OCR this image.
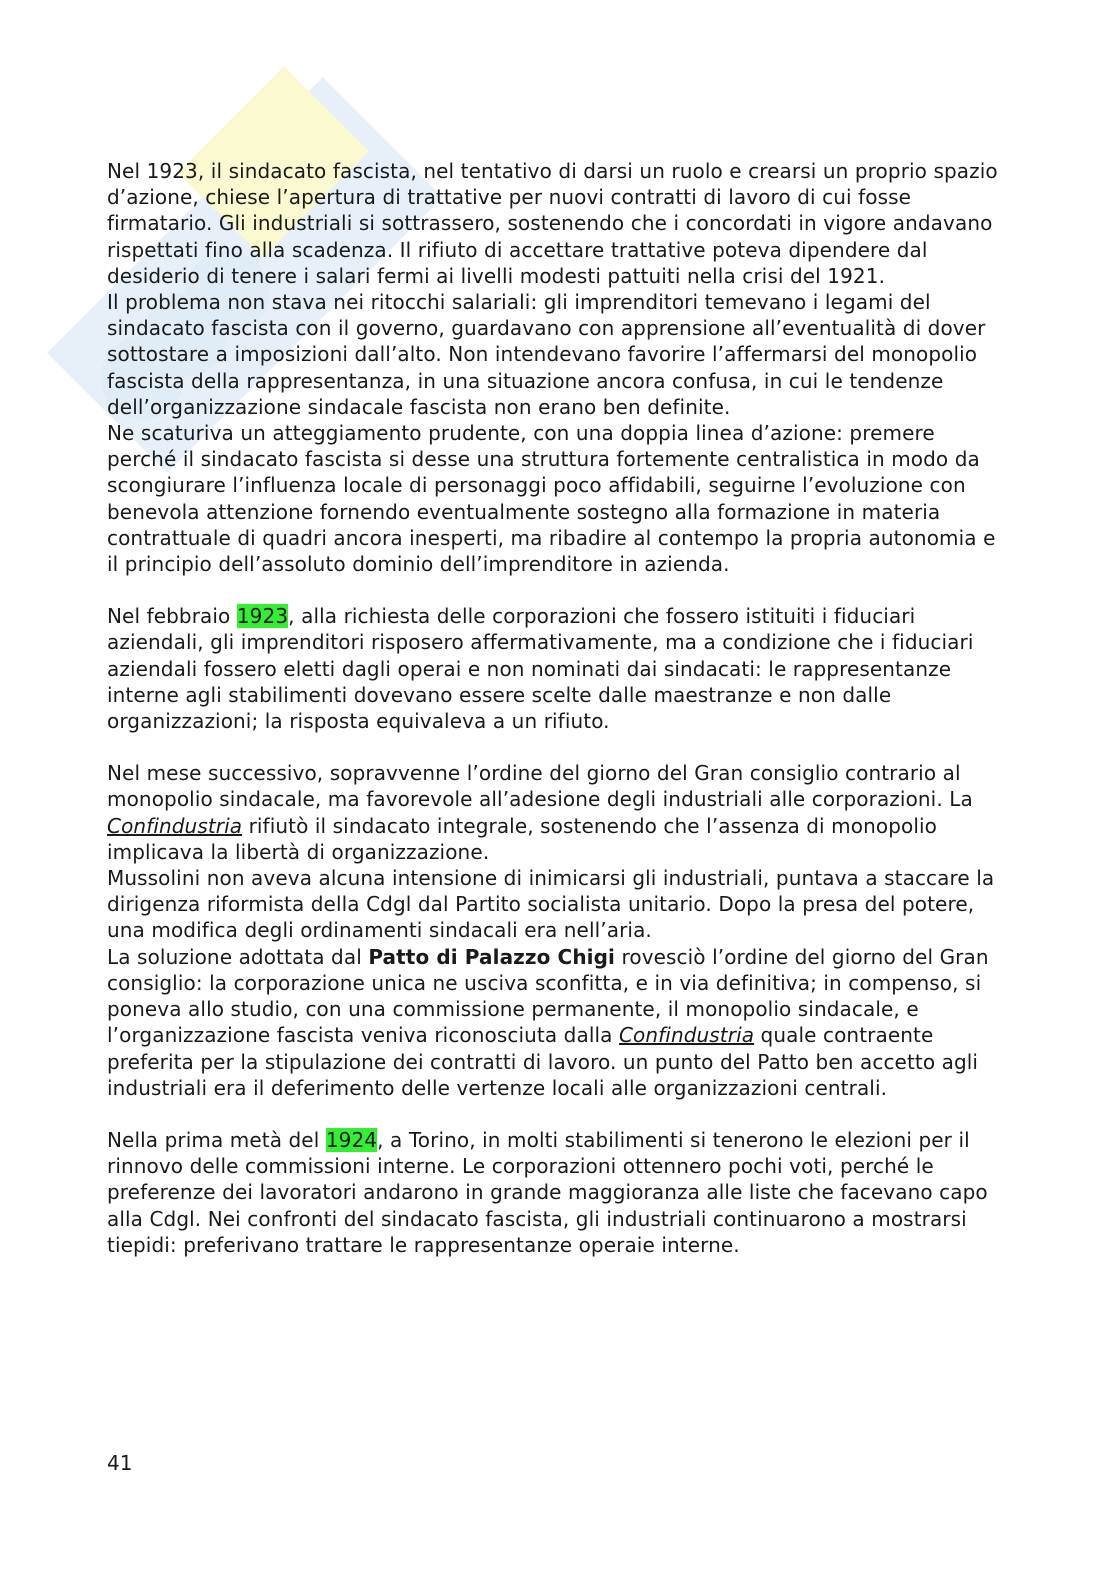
Nel 1923, il sindacato fascista, nel tentativo di darsi un ruolo e crearsi un proprio spazio d’azione, chiese l’apertura di trattative per nuovi contratti di lavoro di cui fosse firmatario. Gli industriali si sottrassero, sostenendo che i concordati in vigore andavano rispettati fino alla scadenza. Il rifiuto di accettare trattative poteva dipendere dal desiderio di tenere i salari fermi ai livelli modesti pattuiti nella crisi del 1921.

Il problema non stava nei ritocchi salariali: gli imprenditori temevano i legami del sindacato fascista con il governo, guardavano con apprensione all’eventualità di dover sottostare a imposizioni dall’alto. Non intendevano favorire l’affermarsi del monopolio fascista della rappresentanza, in una situazione ancora confusa, in cui le tendenze dell’organizzazione sindacale fascista non erano ben definite.

Ne scaturiva un atteggiamento prudente, con una doppia linea d’azione: premere perché il sindacato fascista si desse una struttura fortemente centralistica in modo da scongiurare l’influenza locale di personaggi poco affidabili, seguirne l’evoluzione con benevola attenzione fornendo eventualmente sostegno alla formazione in materia contrattuale di quadri ancora inesperti, ma ribadire al contempo la propria autonomia e il principio dell’assoluto dominio dell’imprenditore in azienda.

Nel febbraio 1923, alla richiesta delle corporazioni che fossero istituiti i fiduciari aziendali, gli imprenditori risposero affermativamente, ma a condizione che i fiduciari aziendali fossero eletti dagli operai e non nominati dai sindacati: le rappresentanze interne agli stabilimenti dovevano essere scelte dalle maestranze e non dalle organizzazioni; la risposta equivaleva a un rifiuto.

Nel mese successivo, sopravvenne l’ordine del giorno del Gran consiglio contrario al monopolio sindacale, ma favorevole all’adesione degli industriali alle corporazioni. La Confindustria rifiutò il sindacato integrale, sostenendo che l’assenza di monopolio implicava la libertà di organizzazione.

Mussolini non aveva alcuna intensione di inimicarsi gli industriali, puntava a staccare la dirigenza riformista della Cdgl dal Partito socialista unitario. Dopo la presa del potere, una modifica degli ordinamenti sindacali era nell’aria.

La soluzione adottata dal Patto di Palazzo Chigi rovesciò l’ordine del giorno del Gran consiglio: la corporazione unica ne usciva sconfitta, e in via definitiva; in compenso, si poneva allo studio, con una commissione permanente, il monopolio sindacale, e l’organizzazione fascista veniva riconosciuta dalla Confindustria quale contraente preferita per la stipulazione dei contratti di lavoro. un punto del Patto ben accetto agli industriali era il deferimento delle vertenze locali alle organizzazioni centrali.

Nella prima metà del 1924, a Torino, in molti stabilimenti si tenerono le elezioni per il rinnovo delle commissioni interne. Le corporazioni ottennero pochi voti, perché le preferenze dei lavoratori andarono in grande maggioranza alle liste che facevano capo alla Cdgl. Nei confronti del sindacato fascista, gli industriali continuarono a mostrarsi tiepidi: preferivano trattare le rappresentanze operaie interne.

41
